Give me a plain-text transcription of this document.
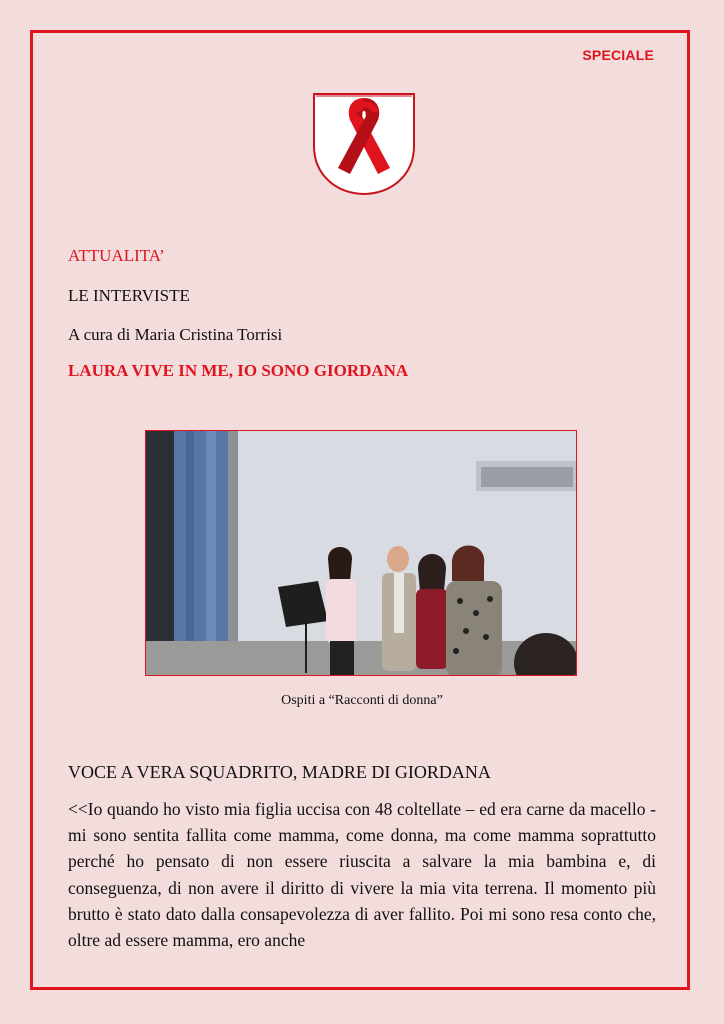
SPECIALE
ATTUALITA’
LE INTERVISTE
A cura di Maria Cristina Torrisi
LAURA VIVE IN ME, IO SONO GIORDANA
Ospiti a “Racconti di donna”
VOCE A VERA SQUADRITO, MADRE DI GIORDANA

<<Io quando ho visto mia figlia uccisa con 48 coltellate – ed era carne da macello - mi sono sentita fallita come mamma, come donna, ma come mamma soprattutto perché ho pensato di non essere riuscita a salvare la mia bambina e, di conseguenza, di non avere il diritto di vivere la mia vita terrena. Il momento più brutto è stato dato dalla consapevolezza di aver fallito. Poi mi sono resa conto che, oltre ad essere mamma, ero anche
